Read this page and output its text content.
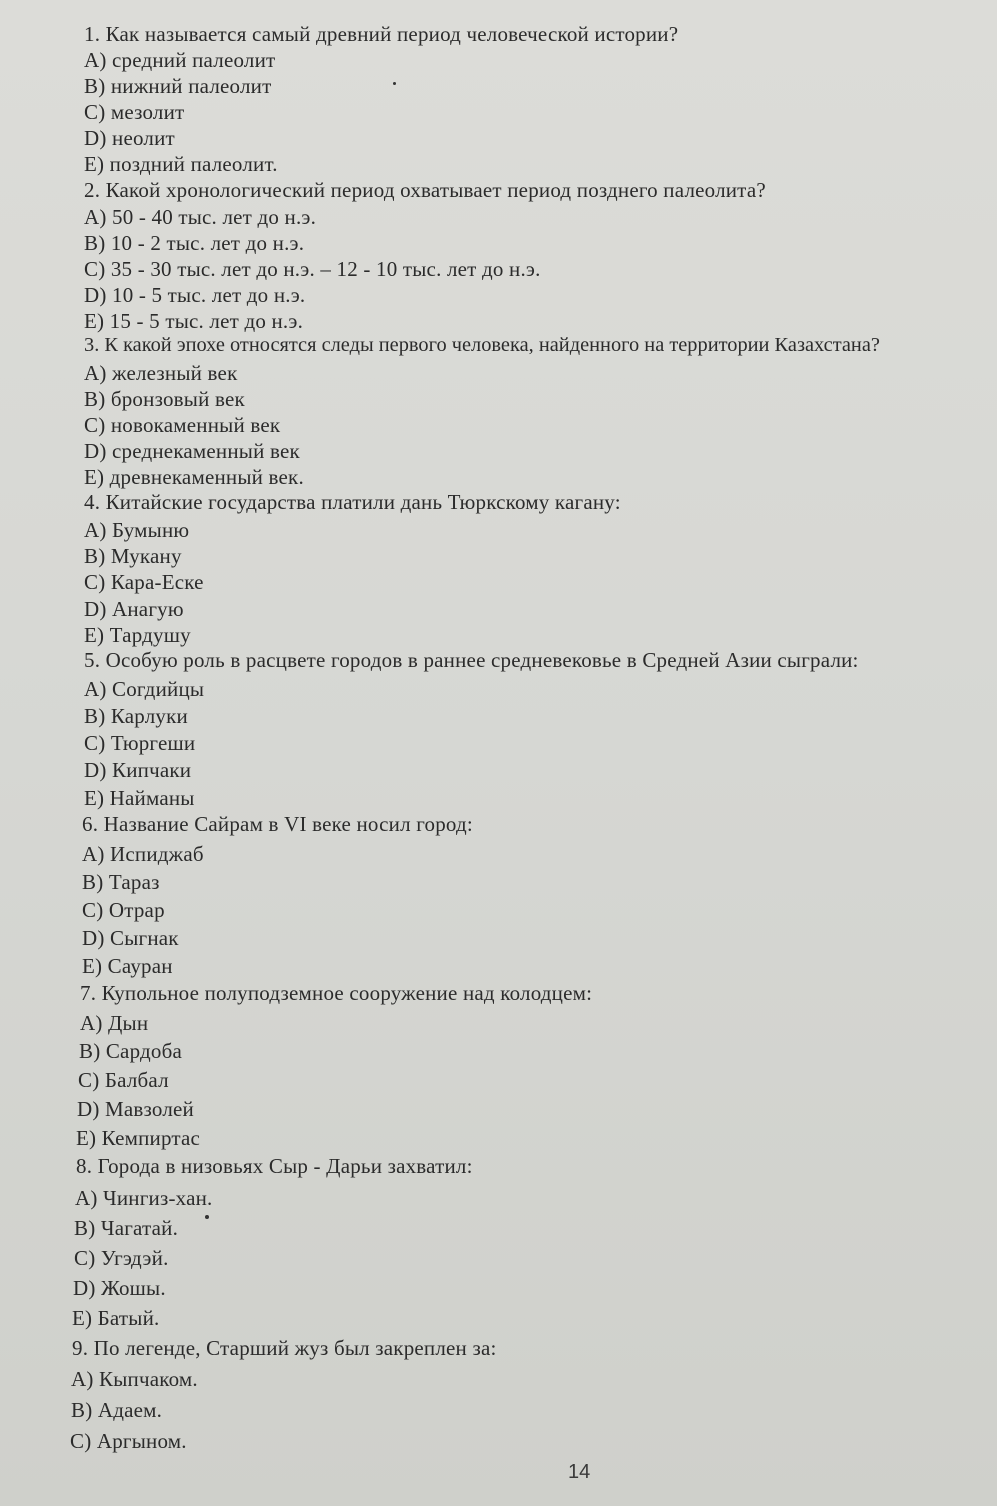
1. Как называется самый древний период человеческой истории?
A) средний палеолит
B) нижний палеолит
C) мезолит
D) неолит
E) поздний палеолит.
2. Какой хронологический период охватывает период позднего палеолита?
A) 50 - 40 тыс. лет до н.э.
B) 10 - 2 тыс. лет до н.э.
C) 35 - 30 тыс. лет до н.э. – 12 - 10 тыс. лет до н.э.
D) 10 - 5 тыс. лет до н.э.
E) 15 - 5 тыс. лет до н.э.
3. К какой эпохе относятся следы первого человека, найденного на территории Казахстана?
A) железный век
B) бронзовый век
C) новокаменный век
D) среднекаменный век
E) древнекаменный век.
4. Китайские государства платили дань Тюркскому кагану:
A) Бумыню
B) Мукану
C) Кара-Еске
D) Анагую
E) Тардушу
5. Особую роль в расцвете городов в раннее средневековье в Средней Азии сыграли:
A) Согдийцы
B) Карлуки
C) Тюргеши
D) Кипчаки
E) Найманы
6. Название Сайрам в VI веке носил город:
A) Испиджаб
B) Тараз
C) Отрар
D) Сыгнак
E) Сауран
7. Купольное полуподземное сооружение над колодцем:
A) Дын
B) Сардоба
C) Балбал
D) Мавзолей
E) Кемпиртас
8. Города в низовьях Сыр - Дарьи захватил:
A) Чингиз-хан.
B) Чагатай.
C) Угэдэй.
D) Жошы.
E) Батый.
9. По легенде, Старший жуз был закреплен за:
A) Кыпчаком.
B) Адаем.
C) Аргыном.
14
